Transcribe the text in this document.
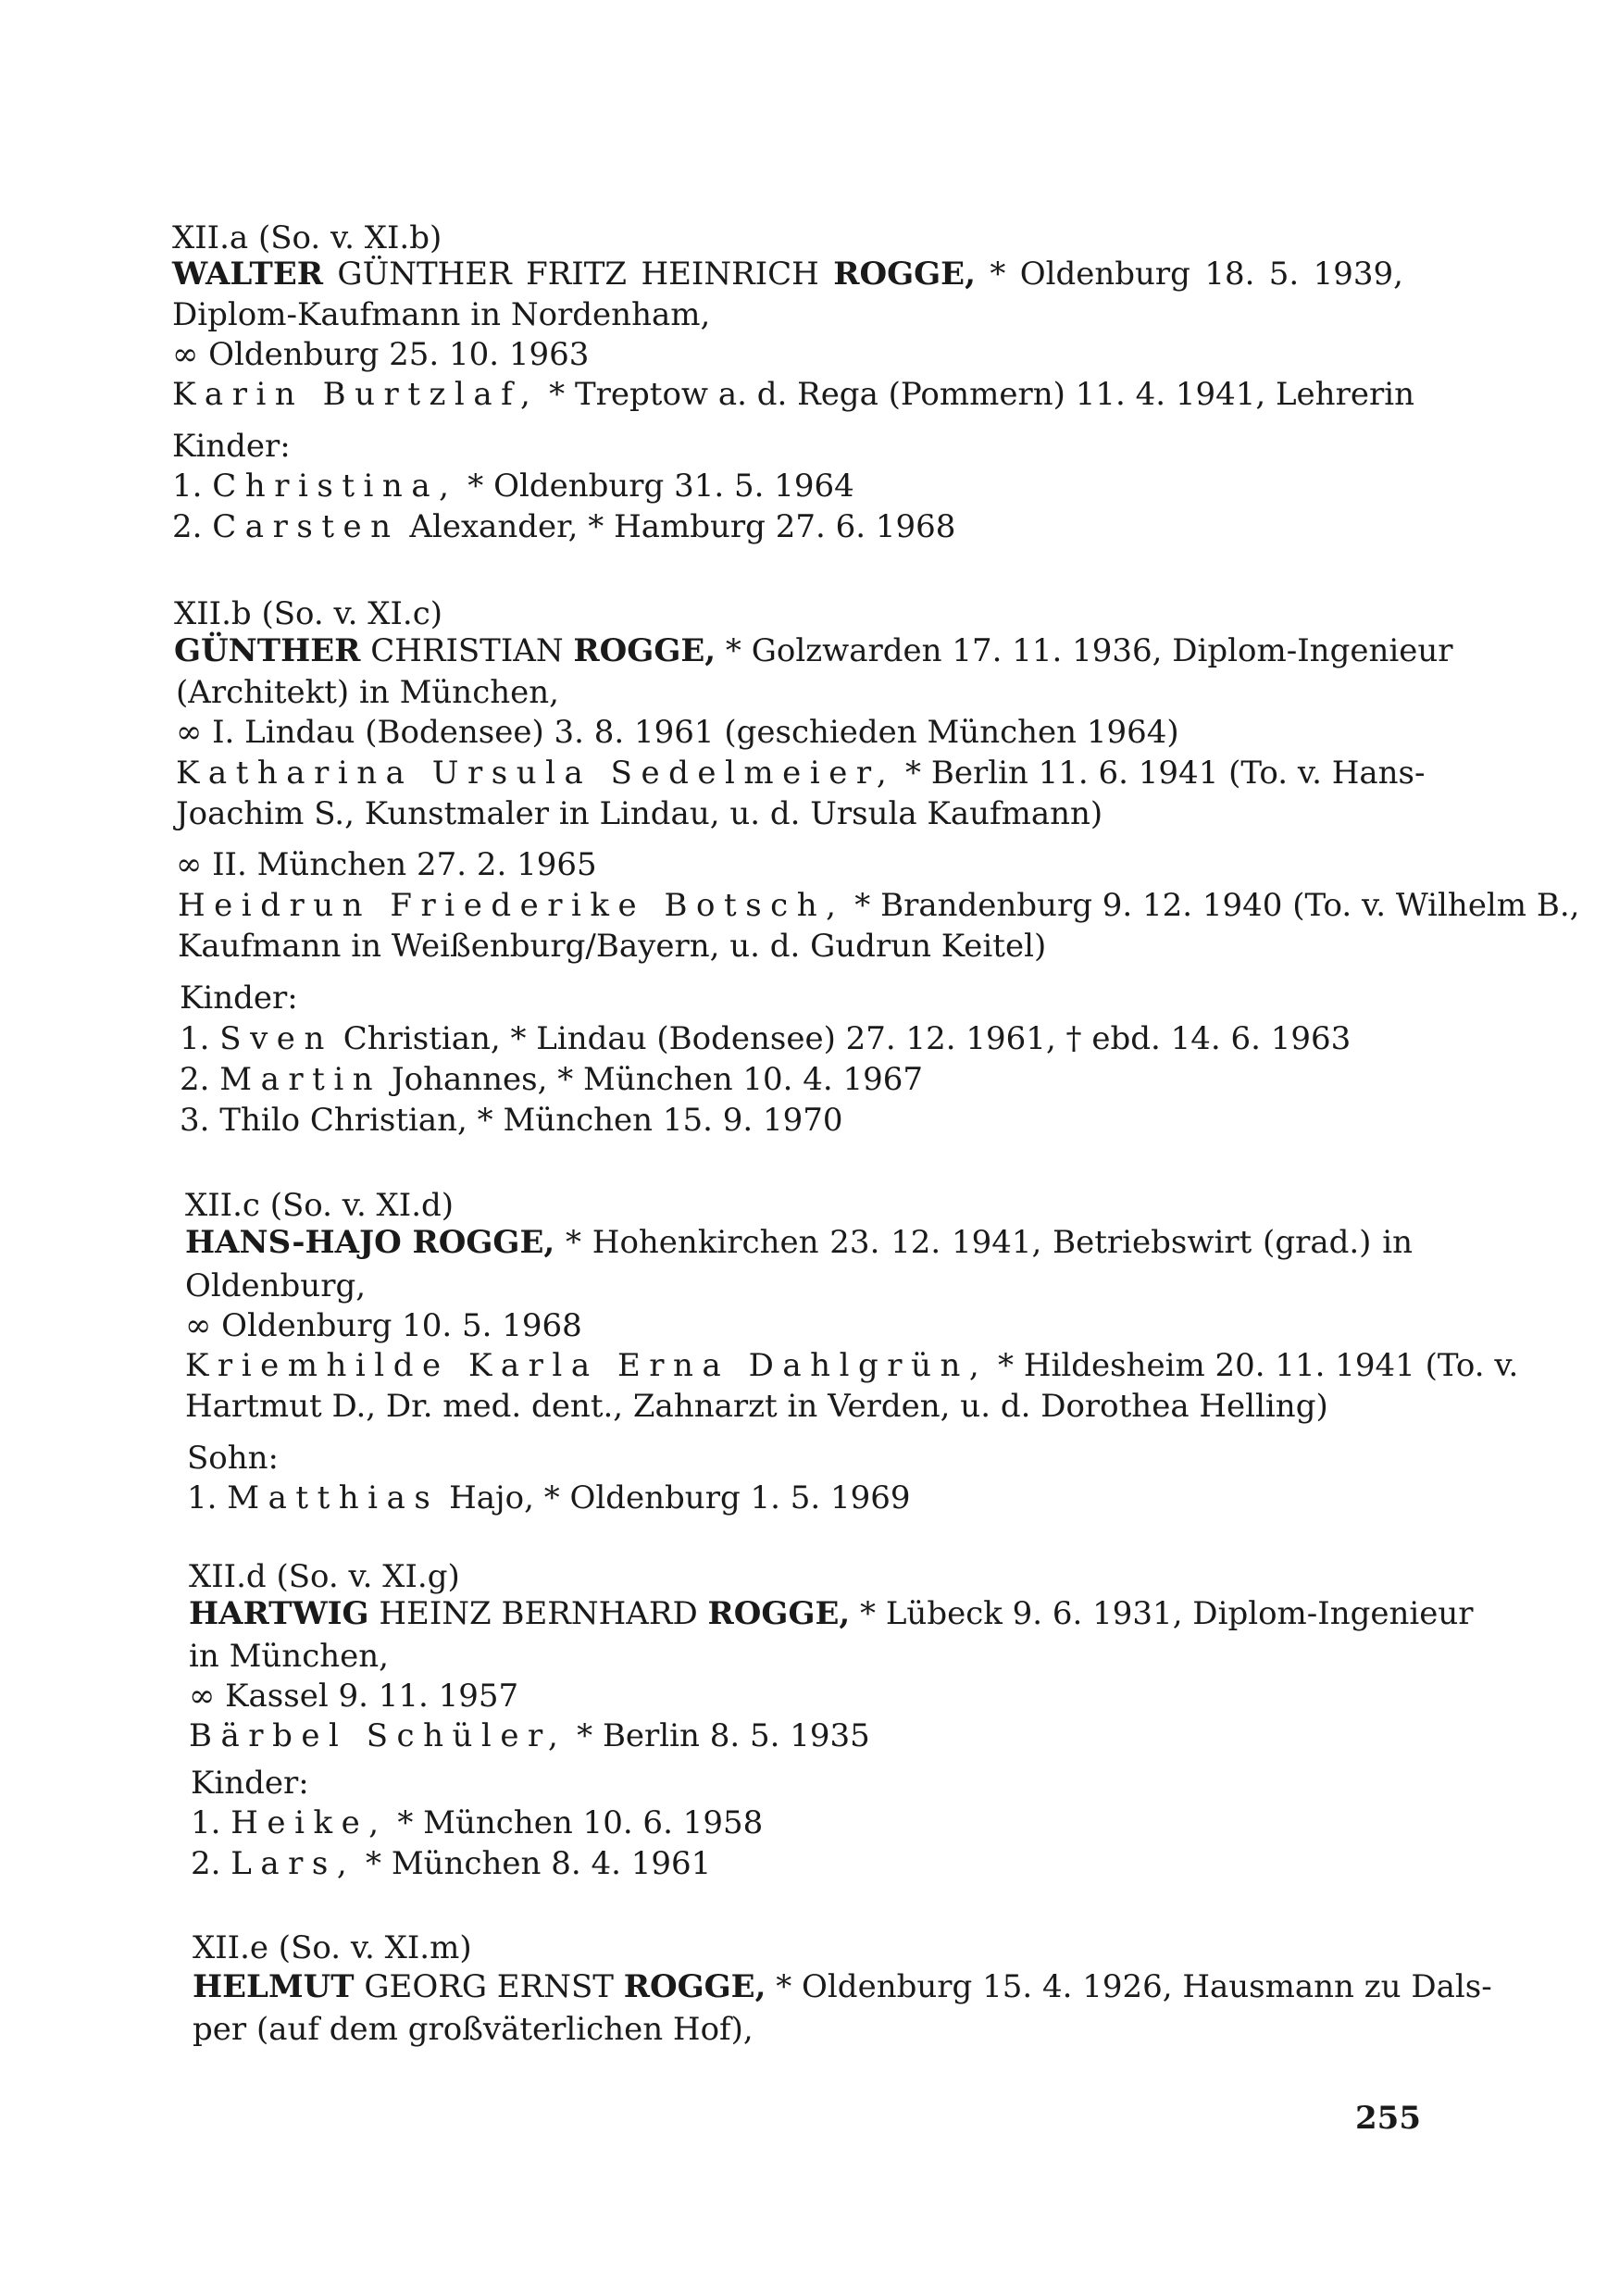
XII.a (So. v. XI.b)
WALTER GÜNTHER FRITZ HEINRICH ROGGE, * Oldenburg 18. 5. 1939,
Diplom-Kaufmann in Nordenham,
∞ Oldenburg 25. 10. 1963
Karin Burtzlaf, * Treptow a. d. Rega (Pommern) 11. 4. 1941, Lehrerin
Kinder:
1. Christina, * Oldenburg 31. 5. 1964
2. Carsten Alexander, * Hamburg 27. 6. 1968
XII.b (So. v. XI.c)
GÜNTHER CHRISTIAN ROGGE, * Golzwarden 17. 11. 1936, Diplom-Ingenieur
(Architekt) in München,
∞ I. Lindau (Bodensee) 3. 8. 1961 (geschieden München 1964)
Katharina Ursula Sedelmeier, * Berlin 11. 6. 1941 (To. v. Hans-
Joachim S., Kunstmaler in Lindau, u. d. Ursula Kaufmann)
∞ II. München 27. 2. 1965
Heidrun Friederike Botsch, * Brandenburg 9. 12. 1940 (To. v. Wilhelm B.,
Kaufmann in Weißenburg/Bayern, u. d. Gudrun Keitel)
Kinder:
1. Sven Christian, * Lindau (Bodensee) 27. 12. 1961, † ebd. 14. 6. 1963
2. Martin Johannes, * München 10. 4. 1967
3. Thilo Christian, * München 15. 9. 1970
XII.c (So. v. XI.d)
HANS-HAJO ROGGE, * Hohenkirchen 23. 12. 1941, Betriebswirt (grad.) in
Oldenburg,
∞ Oldenburg 10. 5. 1968
Kriemhilde Karla Erna Dahlgrün, * Hildesheim 20. 11. 1941 (To. v.
Hartmut D., Dr. med. dent., Zahnarzt in Verden, u. d. Dorothea Helling)
Sohn:
1. Matthias Hajo, * Oldenburg 1. 5. 1969
XII.d (So. v. XI.g)
HARTWIG HEINZ BERNHARD ROGGE, * Lübeck 9. 6. 1931, Diplom-Ingenieur
in München,
∞ Kassel 9. 11. 1957
Bärbel Schüler, * Berlin 8. 5. 1935
Kinder:
1. Heike, * München 10. 6. 1958
2. Lars, * München 8. 4. 1961
XII.e (So. v. XI.m)
HELMUT GEORG ERNST ROGGE, * Oldenburg 15. 4. 1926, Hausmann zu Dals-
per (auf dem großväterlichen Hof),
255
